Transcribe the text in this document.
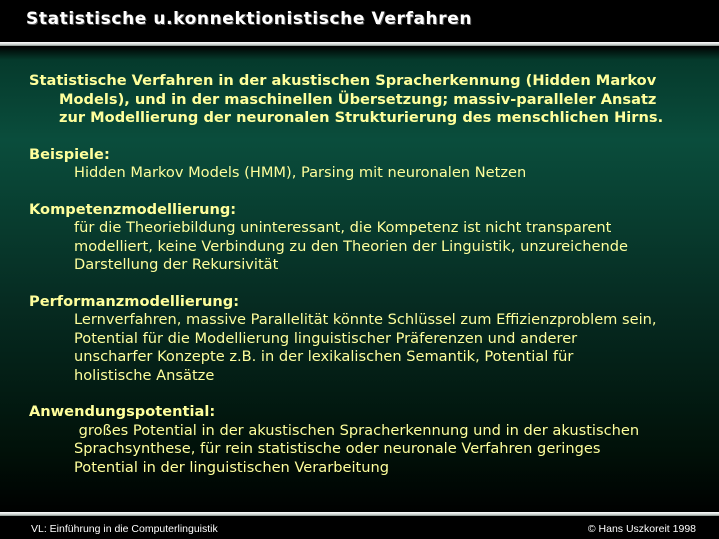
Statistische u.konnektionistische Verfahren
Statistische Verfahren in der akustischen Spracherkennung (Hidden Markov
Models), und in der maschinellen Übersetzung; massiv-paralleler Ansatz
zur Modellierung der neuronalen Strukturierung des menschlichen Hirns.
Beispiele:
Hidden Markov Models (HMM), Parsing mit neuronalen Netzen
Kompetenzmodellierung:
für die Theoriebildung uninteressant, die Kompetenz ist nicht transparent
modelliert, keine Verbindung zu den Theorien der Linguistik, unzureichende
Darstellung der Rekursivität
Performanzmodellierung:
Lernverfahren, massive Parallelität könnte Schlüssel zum Effizienzproblem sein,
Potential für die Modellierung linguistischer Präferenzen und anderer
unscharfer Konzepte z.B. in der lexikalischen Semantik, Potential für
holistische Ansätze
Anwendungspotential:
großes Potential in der akustischen Spracherkennung und in der akustischen
Sprachsynthese, für rein statistische oder neuronale Verfahren geringes
Potential in der linguistischen Verarbeitung
VL: Einführung in die Computerlinguistik	© Hans Uszkoreit 1998
